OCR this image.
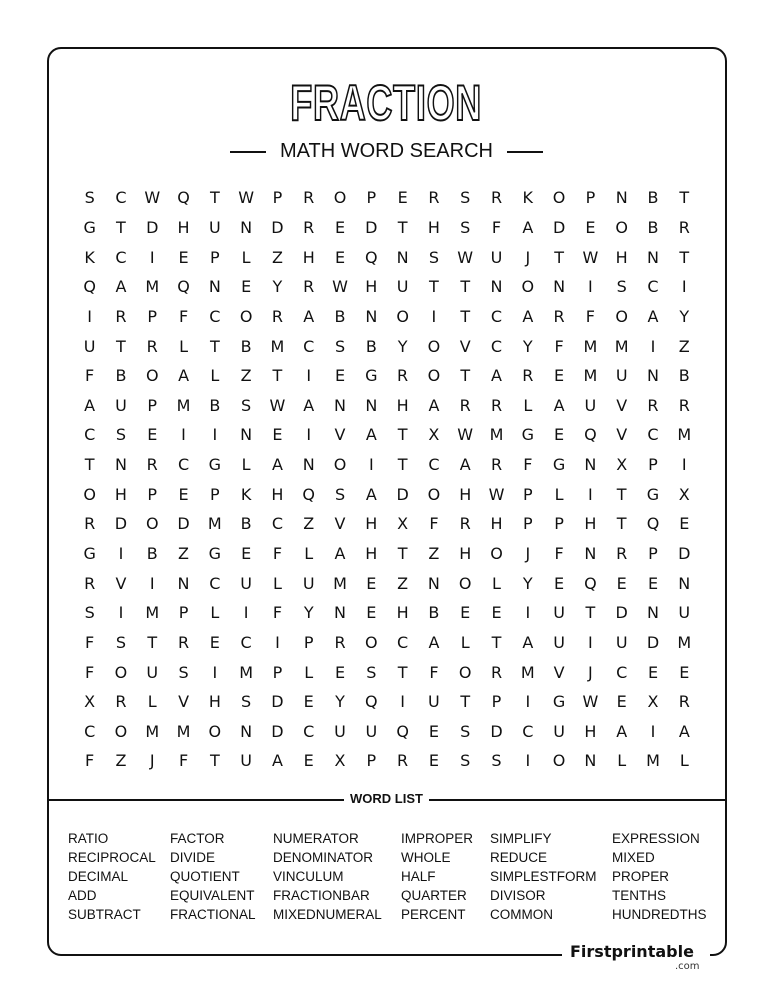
FRACTION
MATH WORD SEARCH
S	C	W	Q	T	W	P	R	O	P	E	R	S	R	K	O	P	N	B	T
G	T	D	H	U	N	D	R	E	D	T	H	S	F	A	D	E	O	B	R
K	C	I	E	P	L	Z	H	E	Q	N	S	W	U	J	T	W	H	N	T
Q	A	M	Q	N	E	Y	R	W	H	U	T	T	N	O	N	I	S	C	I
I	R	P	F	C	O	R	A	B	N	O	I	T	C	A	R	F	O	A	Y
U	T	R	L	T	B	M	C	S	B	Y	O	V	C	Y	F	M	M	I	Z
F	B	O	A	L	Z	T	I	E	G	R	O	T	A	R	E	M	U	N	B
A	U	P	M	B	S	W	A	N	N	H	A	R	R	L	A	U	V	R	R
C	S	E	I	I	N	E	I	V	A	T	X	W	M	G	E	Q	V	C	M
T	N	R	C	G	L	A	N	O	I	T	C	A	R	F	G	N	X	P	I
O	H	P	E	P	K	H	Q	S	A	D	O	H	W	P	L	I	T	G	X
R	D	O	D	M	B	C	Z	V	H	X	F	R	H	P	P	H	T	Q	E
G	I	B	Z	G	E	F	L	A	H	T	Z	H	O	J	F	N	R	P	D
R	V	I	N	C	U	L	U	M	E	Z	N	O	L	Y	E	Q	E	E	N
S	I	M	P	L	I	F	Y	N	E	H	B	E	E	I	U	T	D	N	U
F	S	T	R	E	C	I	P	R	O	C	A	L	T	A	U	I	U	D	M
F	O	U	S	I	M	P	L	E	S	T	F	O	R	M	V	J	C	E	E
X	R	L	V	H	S	D	E	Y	Q	I	U	T	P	I	G	W	E	X	R
C	O	M	M	O	N	D	C	U	U	Q	E	S	D	C	U	H	A	I	A
F	Z	J	F	T	U	A	E	X	P	R	E	S	S	I	O	N	L	M	L
WORD LIST
RATIO
RECIPROCAL
DECIMAL
ADD
SUBTRACT
FACTOR
DIVIDE
QUOTIENT
EQUIVALENT
FRACTIONAL
NUMERATOR
DENOMINATOR
VINCULUM
FRACTIONBAR
MIXEDNUMERAL
IMPROPER
WHOLE
HALF
QUARTER
PERCENT
SIMPLIFY
REDUCE
SIMPLESTFORM
DIVISOR
COMMON
EXPRESSION
MIXED
PROPER
TENTHS
HUNDREDTHS
Firstprintable
.com
